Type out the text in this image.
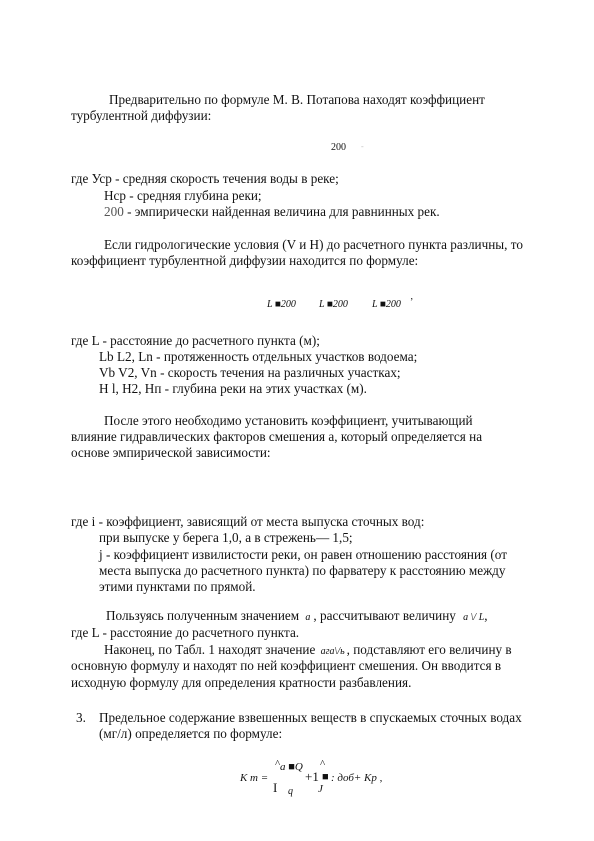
Предварительно по формуле М. В. Потапова находят коэффициент
турбулентной диффузии:
200 -
где Уср - средняя скорость течения воды в реке;
Нср - средняя глубина реки;
200 - эмпирически найденная величина для равнинных рек.
Если гидрологические условия (V и Н) до расчетного пункта различны, то
коэффициент турбулентной диффузии находится по формуле:
L ■200 L ■200 L ■200 ’
где L - расстояние до расчетного пункта (м);
Lb L2, Ln - протяженность отдельных участков водоема;
Vb V2, Vn - скорость течения на различных участках;
Н l, Н2, Нп - глубина реки на этих участках (м).
После этого необходимо установить коэффициент, учитывающий
влияние гидравлических факторов смешения а, который определяется на
основе эмпирической зависимости:
где i - коэффициент, зависящий от места выпуска сточных вод:
при выпуске у берега 1,0, а в стрежень— 1,5;
j - коэффициент извилистости реки, он равен отношению расстояния (от
места выпуска до расчетного пункта) по фарватеру к расстоянию между
этими пунктами по прямой.
Пользуясь полученным значением а , рассчитывают величину а \/ L,
где L - расстояние до расчетного пункта.
Наконец, по Табл. 1 находят значение ага\/ь , подставляют его величину в
основную формулу и находят по ней коэффициент смешения. Он вводится в
исходную формулу для определения кратности разбавления.
3. Предельное содержание взвешенных веществ в спускаемых сточных водах
(мг/л) определяется по формуле:
К т =
^ а ■Q
+1
^
■ : доб+ Кр ,
I q J
